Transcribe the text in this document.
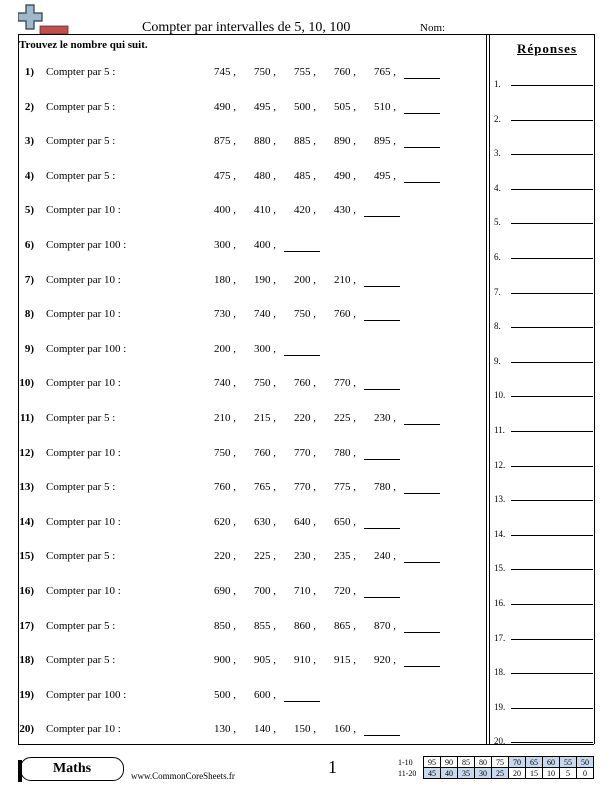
Compter par intervalles de 5, 10, 100	Nom:
Trouvez le nombre qui suit.
1) Compter par 5 :	745 ,	750 ,	755 ,	760 ,	765 ,
2) Compter par 5 :	490 ,	495 ,	500 ,	505 ,	510 ,
3) Compter par 5 :	875 ,	880 ,	885 ,	890 ,	895 ,
4) Compter par 5 :	475 ,	480 ,	485 ,	490 ,	495 ,
5) Compter par 10 :	400 ,	410 ,	420 ,	430 ,
6) Compter par 100 :	300 ,	400 ,
7) Compter par 10 :	180 ,	190 ,	200 ,	210 ,
8) Compter par 10 :	730 ,	740 ,	750 ,	760 ,
9) Compter par 100 :	200 ,	300 ,
10) Compter par 10 :	740 ,	750 ,	760 ,	770 ,
11) Compter par 5 :	210 ,	215 ,	220 ,	225 ,	230 ,
12) Compter par 10 :	750 ,	760 ,	770 ,	780 ,
13) Compter par 5 :	760 ,	765 ,	770 ,	775 ,	780 ,
14) Compter par 10 :	620 ,	630 ,	640 ,	650 ,
15) Compter par 5 :	220 ,	225 ,	230 ,	235 ,	240 ,
16) Compter par 10 :	690 ,	700 ,	710 ,	720 ,
17) Compter par 5 :	850 ,	855 ,	860 ,	865 ,	870 ,
18) Compter par 5 :	900 ,	905 ,	910 ,	915 ,	920 ,
19) Compter par 100 :	500 ,	600 ,
20) Compter par 10 :	130 ,	140 ,	150 ,	160 ,
Réponses
1.
2.
3.
4.
5.
6.
7.
8.
9.
10.
11.
12.
13.
14.
15.
16.
17.
18.
19.
20.
Maths	www.CommonCoreSheets.fr	1	1-10	95	90	85	80	75	70	65	60	55	50
11-20	45	40	35	30	25	20	15	10	5	0
